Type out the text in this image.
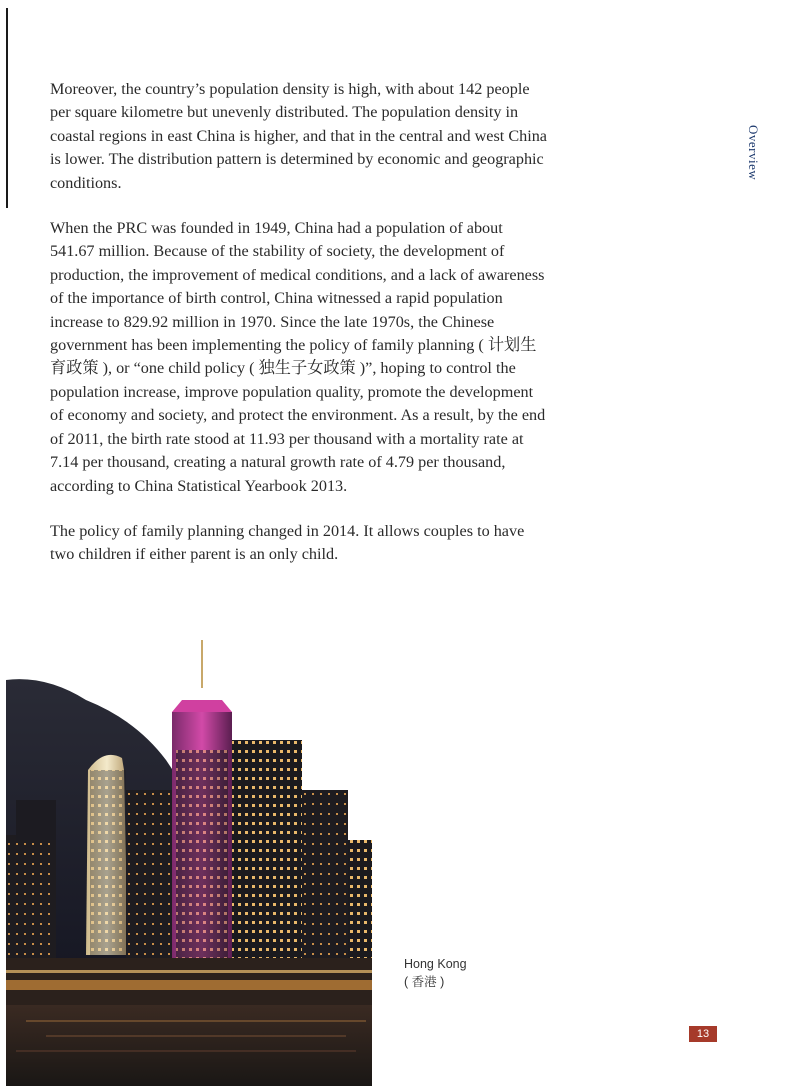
Overview

Moreover, the country’s population density is high, with about 142 people per square kilometre but unevenly distributed. The population density in coastal regions in east China is higher, and that in the central and west China is lower. The distribution pattern is determined by economic and geographic conditions.

When the PRC was founded in 1949, China had a population of about 541.67 million. Because of the stability of society, the development of production, the improvement of medical conditions, and a lack of awareness of the importance of birth control, China witnessed a rapid population increase to 829.92 million in 1970. Since the late 1970s, the Chinese government has been implementing the policy of family planning ( 计划生育政策 ), or “one child policy ( 独生子女政策 )”, hoping to control the population increase, improve population quality, promote the development of economy and society, and protect the environment. As a result, by the end of 2011, the birth rate stood at 11.93 per thousand with a mortality rate at 7.14 per thousand, creating a natural growth rate of 4.79 per thousand, according to China Statistical Yearbook 2013.

The policy of family planning changed in 2014. It allows couples to have two children if either parent is an only child.

Hong Kong
( 香港 )
13
